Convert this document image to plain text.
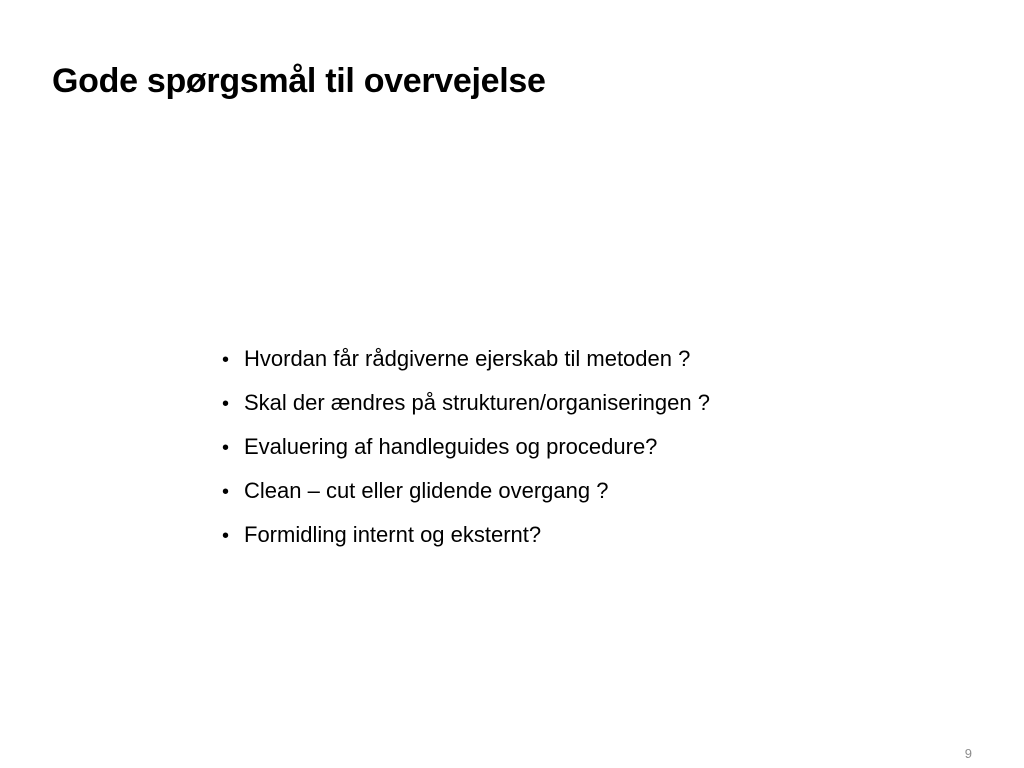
Gode spørgsmål til overvejelse
• Hvordan får rådgiverne ejerskab til metoden ?
• Skal der ændres på strukturen/organiseringen ?
• Evaluering af handleguides og procedure?
• Clean – cut eller glidende overgang ?
• Formidling internt og eksternt?
9
